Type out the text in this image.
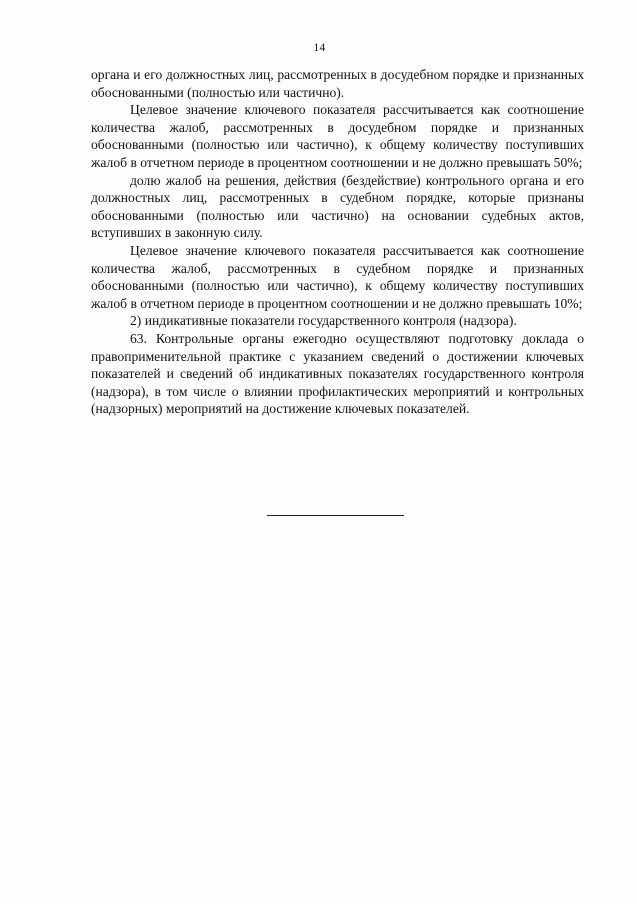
14

органа и его должностных лиц, рассмотренных в досудебном порядке и признанных обоснованными (полностью или частично).

Целевое значение ключевого показателя рассчитывается как соотношение количества жалоб, рассмотренных в досудебном порядке и признанных обоснованными (полностью или частично), к общему количеству поступивших жалоб в отчетном периоде в процентном соотношении и не должно превышать 50%;

долю жалоб на решения, действия (бездействие) контрольного органа и его должностных лиц, рассмотренных в судебном порядке, которые признаны обоснованными (полностью или частично) на основании судебных актов, вступивших в законную силу.

Целевое значение ключевого показателя рассчитывается как соотношение количества жалоб, рассмотренных в судебном порядке и признанных обоснованными (полностью или частично), к общему количеству поступивших жалоб в отчетном периоде в процентном соотношении и не должно превышать 10%;

2) индикативные показатели государственного контроля (надзора).

63. Контрольные органы ежегодно осуществляют подготовку доклада о правоприменительной практике с указанием сведений о достижении ключевых показателей и сведений об индикативных показателях государственного контроля (надзора), в том числе о влиянии профилактических мероприятий и контрольных (надзорных) мероприятий на достижение ключевых показателей.
